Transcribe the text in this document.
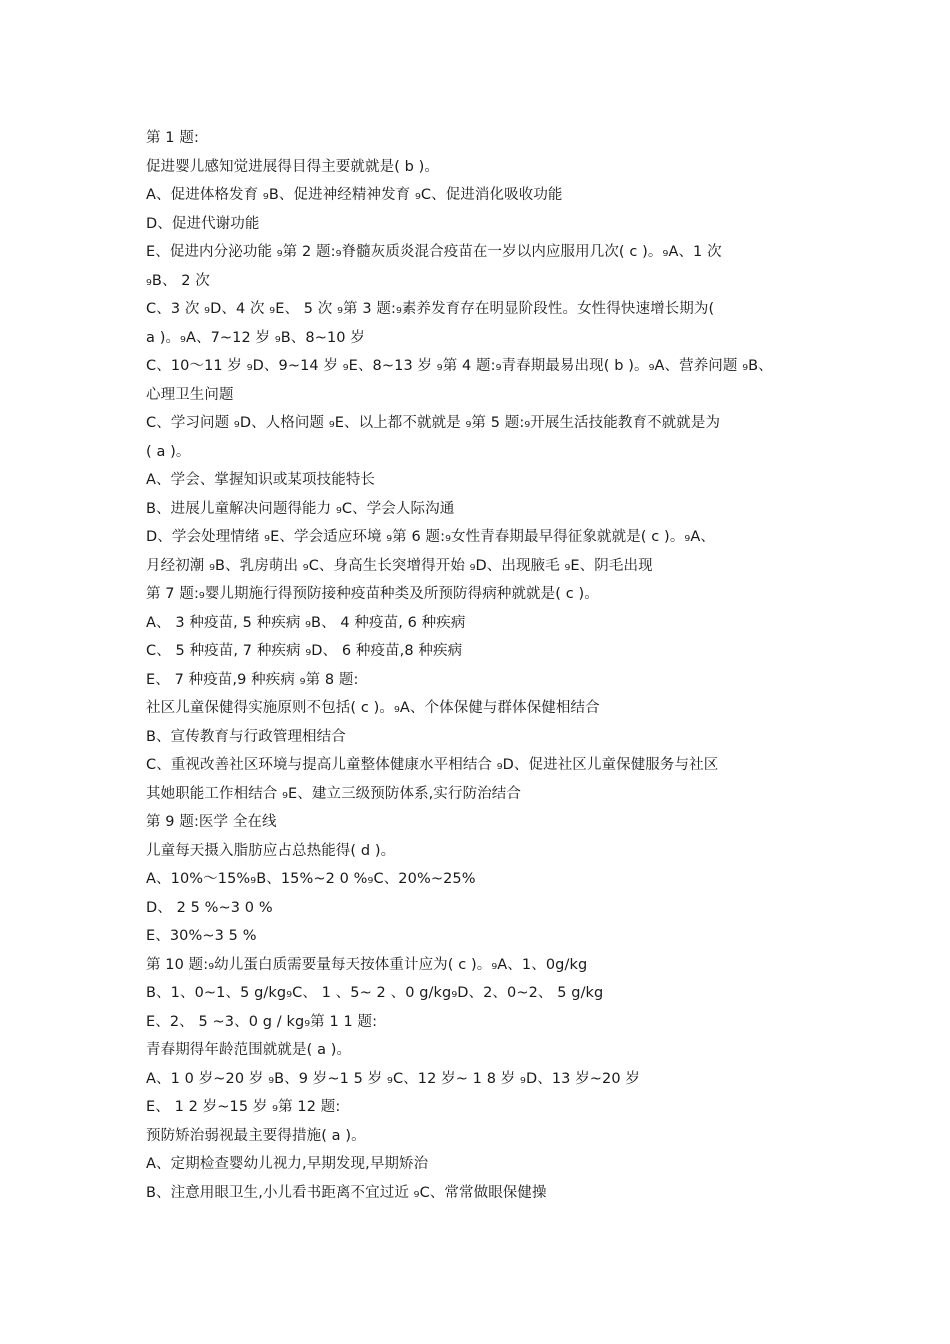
第 1 题:
促进婴儿感知觉进展得目得主要就就是( b )。
A、促进体格发育 ₉B、促进神经精神发育 ₉C、促进消化吸收功能
D、促进代谢功能
E、促进内分泌功能 ₉第 2 题:₉脊髓灰质炎混合疫苗在一岁以内应服用几次( c )。₉A、1 次
₉B、 2 次
C、3 次 ₉D、4 次 ₉E、 5 次 ₉第 3 题:₉素养发育存在明显阶段性。女性得快速增长期为(
a )。₉A、7~12 岁 ₉B、8~10 岁
C、10～11 岁 ₉D、9~14 岁 ₉E、8~13 岁 ₉第 4 题:₉青春期最易出现( b )。₉A、营养问题 ₉B、
心理卫生问题
C、学习问题 ₉D、人格问题 ₉E、以上都不就就是 ₉第 5 题:₉开展生活技能教育不就就是为
( a )。
A、学会、掌握知识或某项技能特长
B、进展儿童解决问题得能力 ₉C、学会人际沟通
D、学会处理情绪 ₉E、学会适应环境 ₉第 6 题:₉女性青春期最早得征象就就是( c )。₉A、
月经初潮 ₉B、乳房萌出 ₉C、身高生长突增得开始 ₉D、出现腋毛 ₉E、阴毛出现
第 7 题:₉婴儿期施行得预防接种疫苗种类及所预防得病种就就是( c )。
A、 3 种疫苗, 5 种疾病 ₉B、 4 种疫苗, 6 种疾病
C、 5 种疫苗, 7 种疾病 ₉D、 6 种疫苗,8 种疾病
E、 7 种疫苗,9 种疾病 ₉第 8 题:
社区儿童保健得实施原则不包括( c )。₉A、个体保健与群体保健相结合
B、宣传教育与行政管理相结合
C、重视改善社区环境与提高儿童整体健康水平相结合 ₉D、促进社区儿童保健服务与社区
其她职能工作相结合 ₉E、建立三级预防体系,实行防治结合
第 9 题:医学 全在线
儿童每天摄入脂肪应占总热能得( d )。
A、10%～15%₉B、15%~2 0 %₉C、20%~25%
D、 2 5 %~3 0 %
E、30%~3 5 %
第 10 题:₉幼儿蛋白质需要量每天按体重计应为( c )。₉A、1、0g/kg
B、1、0~1、5 g/kg₉C、 1 、5~ 2 、0 g/kg₉D、2、0~2、 5 g/kg
E、2、 5 ~3、0 g / kg₉第 1 1 题:
青春期得年龄范围就就是( a )。
A、1 0 岁~20 岁 ₉B、9 岁~1 5 岁 ₉C、12 岁~ 1 8 岁 ₉D、13 岁~20 岁
E、 1 2 岁~15 岁 ₉第 12 题:
预防矫治弱视最主要得措施( a )。
A、定期检查婴幼儿视力,早期发现,早期矫治
B、注意用眼卫生,小儿看书距离不宜过近 ₉C、常常做眼保健操
